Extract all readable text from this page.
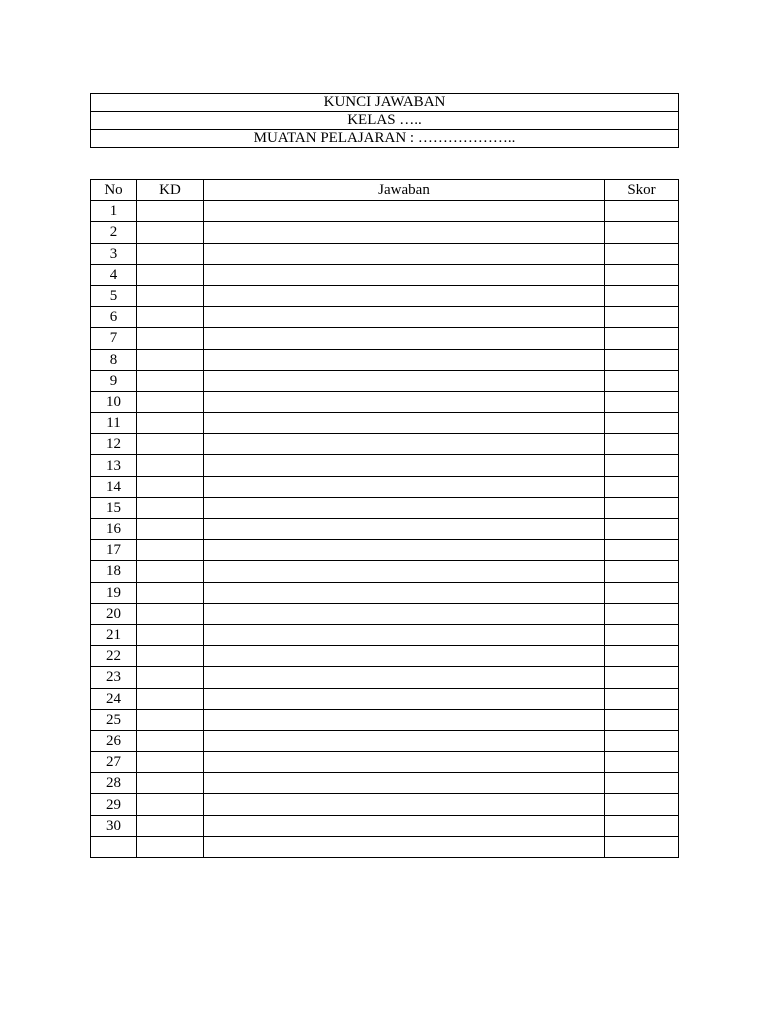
KUNCI JAWABAN
KELAS …..
MUATAN PELAJARAN : ………………..
No	KD	Jawaban	Skor
1			
2			
3			
4			
5			
6			
7			
8			
9			
10			
11			
12			
13			
14			
15			
16			
17			
18			
19			
20			
21			
22			
23			
24			
25			
26			
27			
28			
29			
30			
